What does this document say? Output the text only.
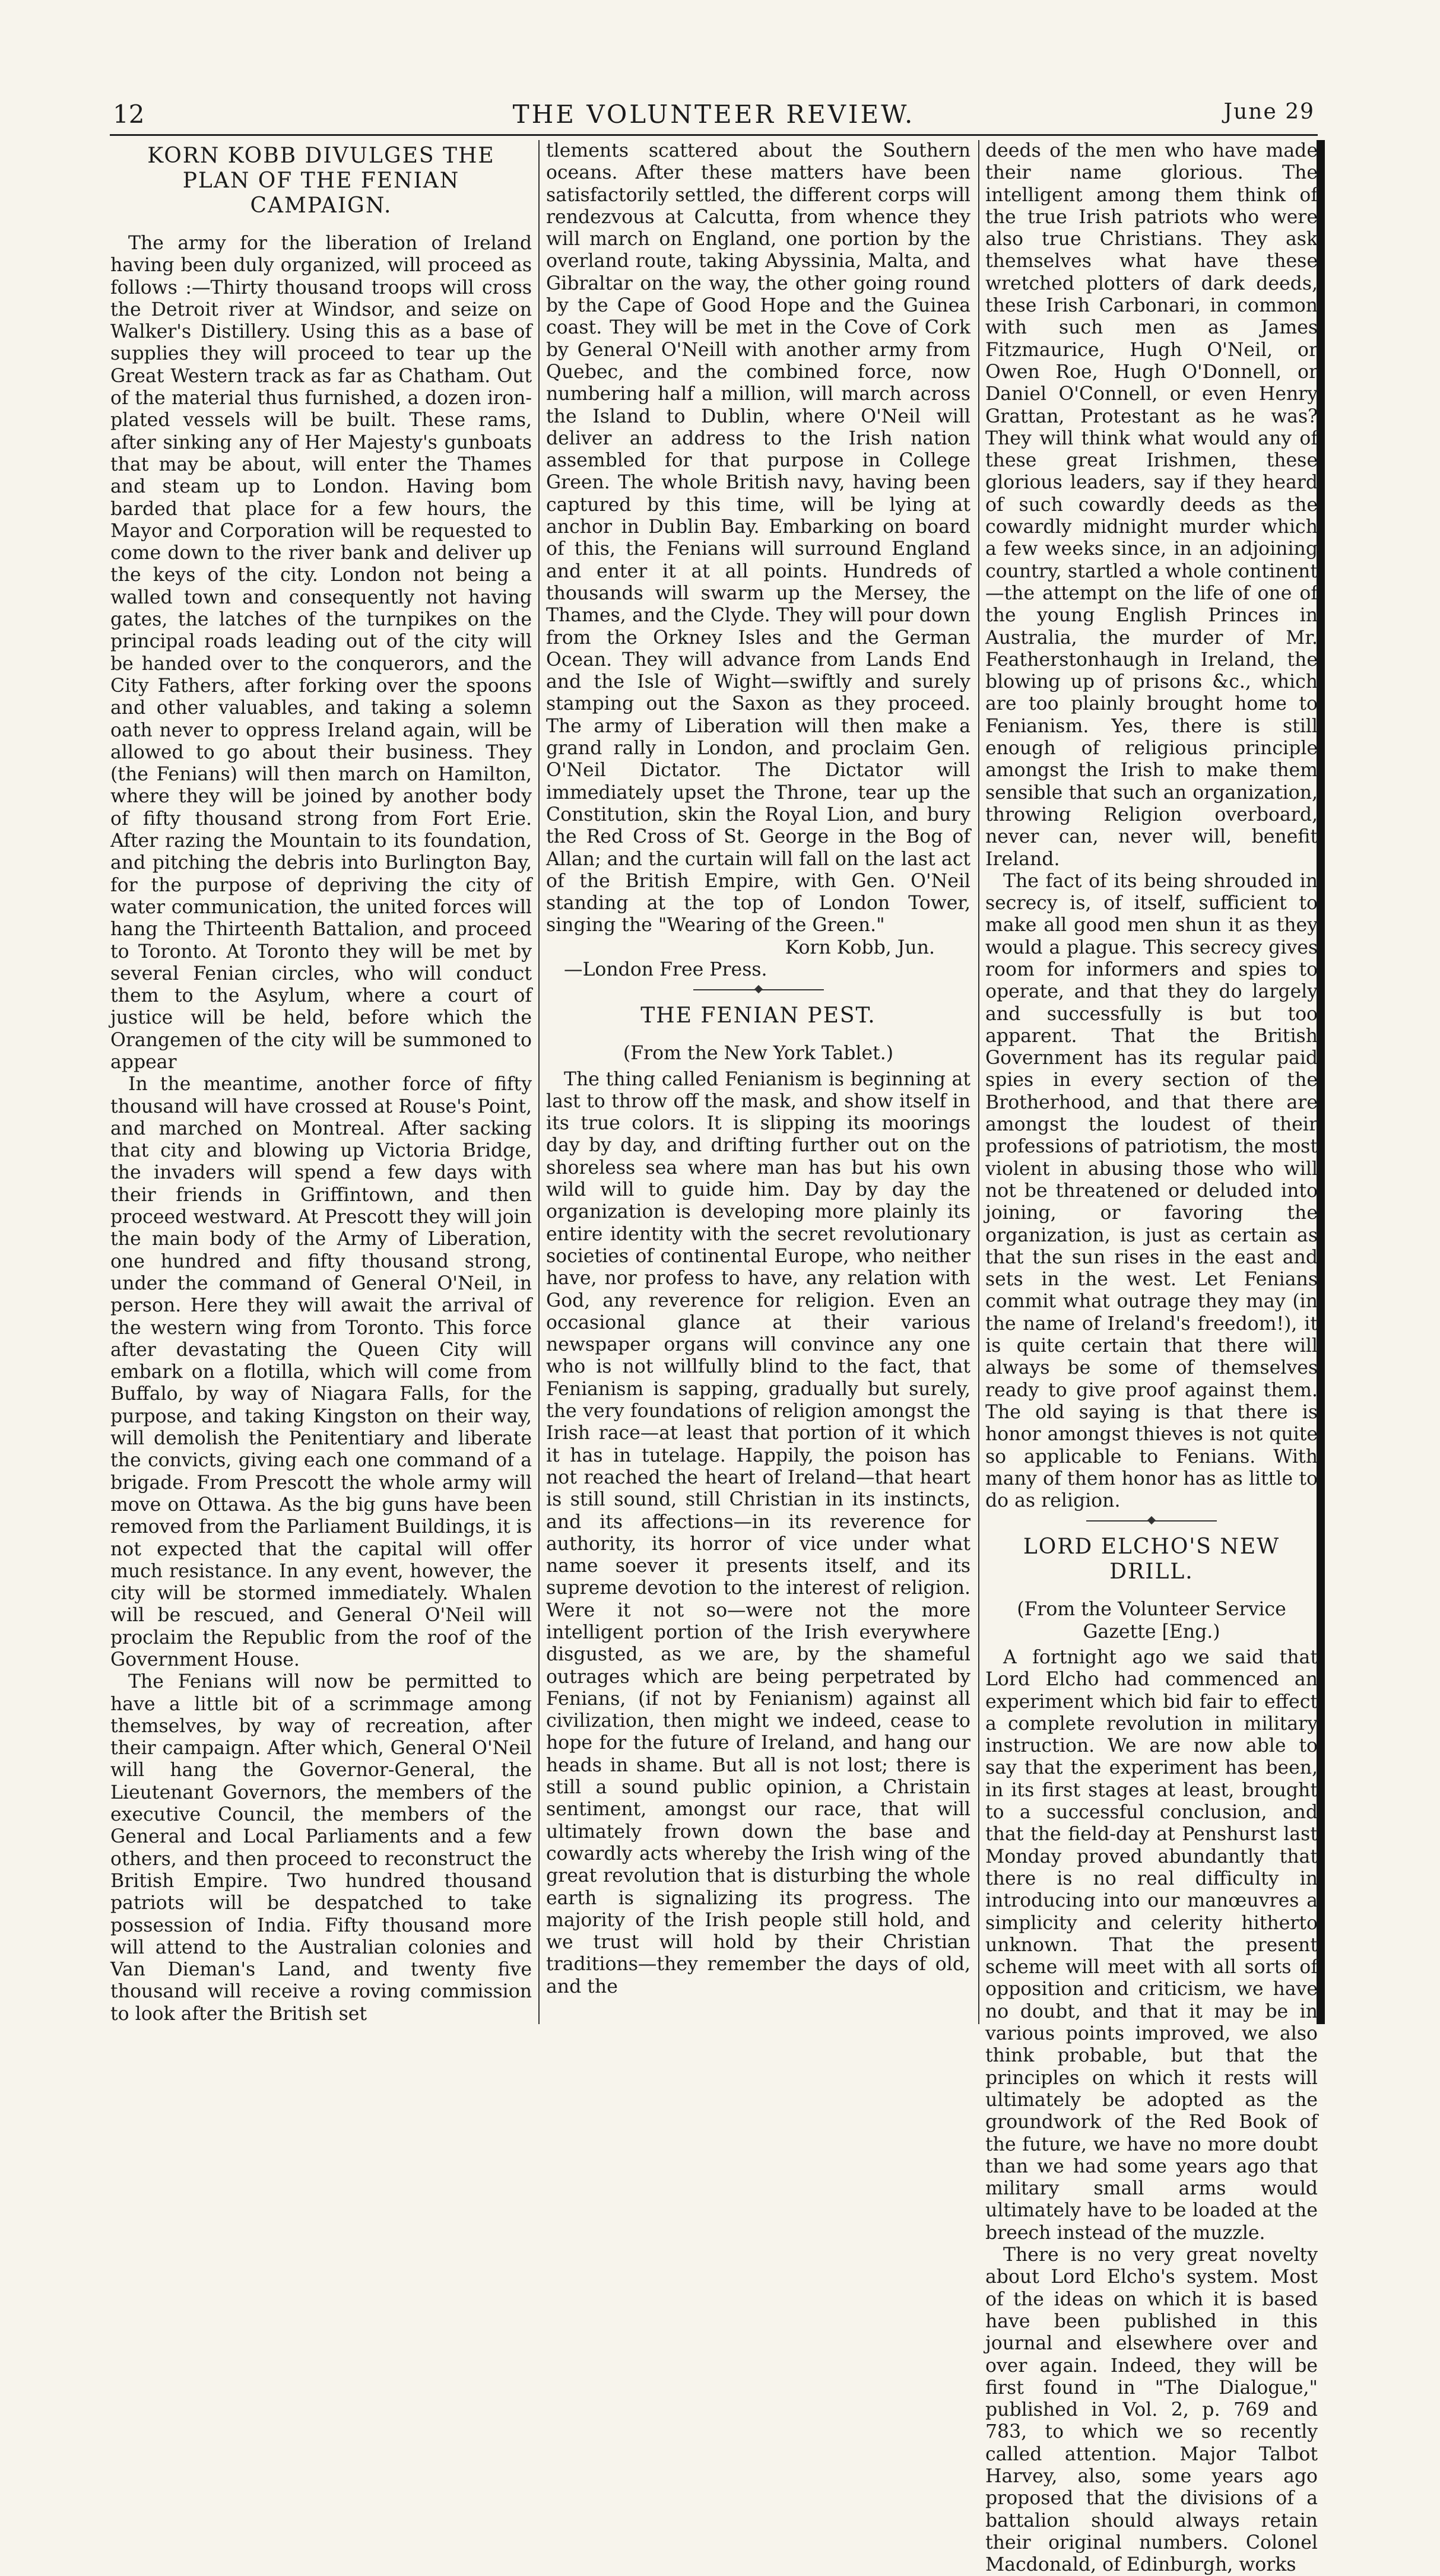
12	THE VOLUNTEER REVIEW.	June 29
KORN KOBB DIVULGES THE PLAN OF THE FENIAN CAMPAIGN.

The army for the liberation of Ireland having been duly organized, will proceed as follows :—Thirty thousand troops will cross the Detroit river at Windsor, and seize on Walker's Distillery. Using this as a base of supplies they will proceed to tear up the Great Western track as far as Chatham. Out of the material thus furnished, a dozen iron-plated vessels will be built. These rams, after sinking any of Her Majesty's gunboats that may be about, will enter the Thames and steam up to London. Having bom barded that place for a few hours, the Mayor and Corporation will be requested to come down to the river bank and deliver up the keys of the city. London not being a walled town and consequently not having gates, the latches of the turnpikes on the principal roads leading out of the city will be handed over to the conquerors, and the City Fathers, after forking over the spoons and other valuables, and taking a solemn oath never to oppress Ireland again, will be allowed to go about their business. They (the Fenians) will then march on Hamilton, where they will be joined by another body of fifty thousand strong from Fort Erie. After razing the Mountain to its foundation, and pitching the debris into Burlington Bay, for the purpose of depriving the city of water communication, the united forces will hang the Thirteenth Battalion, and proceed to Toronto. At Toronto they will be met by several Fenian circles, who will conduct them to the Asylum, where a court of justice will be held, before which the Orangemen of the city will be summoned to appear

In the meantime, another force of fifty thousand will have crossed at Rouse's Point, and marched on Montreal. After sacking that city and blowing up Victoria Bridge, the invaders will spend a few days with their friends in Griffintown, and then proceed westward. At Prescott they will join the main body of the Army of Liberation, one hundred and fifty thousand strong, under the command of General O'Neil, in person. Here they will await the arrival of the western wing from Toronto. This force after devastating the Queen City will embark on a flotilla, which will come from Buffalo, by way of Niagara Falls, for the purpose, and taking Kingston on their way, will demolish the Penitentiary and liberate the convicts, giving each one command of a brigade. From Prescott the whole army will move on Ottawa. As the big guns have been removed from the Parliament Buildings, it is not expected that the capital will offer much resistance. In any event, however, the city will be stormed immediately. Whalen will be rescued, and General O'Neil will proclaim the Republic from the roof of the Government House.

The Fenians will now be permitted to have a little bit of a scrimmage among themselves, by way of recreation, after their campaign. After which, General O'Neil will hang the Governor-General, the Lieutenant Governors, the members of the executive Council, the members of the General and Local Parliaments and a few others, and then proceed to reconstruct the British Empire. Two hundred thousand patriots will be despatched to take possession of India. Fifty thousand more will attend to the Australian colonies and Van Dieman's Land, and twenty five thousand will receive a roving commission to look after the British set

tlements scattered about the Southern oceans. After these matters have been satisfactorily settled, the different corps will rendezvous at Calcutta, from whence they will march on England, one portion by the overland route, taking Abyssinia, Malta, and Gibraltar on the way, the other going round by the Cape of Good Hope and the Guinea coast. They will be met in the Cove of Cork by General O'Neill with another army from Quebec, and the combined force, now numbering half a million, will march across the Island to Dublin, where O'Neil will deliver an address to the Irish nation assembled for that purpose in College Green. The whole British navy, having been captured by this time, will be lying at anchor in Dublin Bay. Embarking on board of this, the Fenians will surround England and enter it at all points. Hundreds of thousands will swarm up the Mersey, the Thames, and the Clyde. They will pour down from the Orkney Isles and the German Ocean. They will advance from Lands End and the Isle of Wight—swiftly and surely stamping out the Saxon as they proceed. The army of Liberation will then make a grand rally in London, and proclaim Gen. O'Neil Dictator. The Dictator will immediately upset the Throne, tear up the Constitution, skin the Royal Lion, and bury the Red Cross of St. George in the Bog of Allan; and the curtain will fall on the last act of the British Empire, with Gen. O'Neil standing at the top of London Tower, singing the "Wearing of the Green."

Korn Kobb, Jun.

—London Free Press.

THE FENIAN PEST.
(From the New York Tablet.)

The thing called Fenianism is beginning at last to throw off the mask, and show itself in its true colors. It is slipping its moorings day by day, and drifting further out on the shoreless sea where man has but his own wild will to guide him. Day by day the organization is developing more plainly its entire identity with the secret revolutionary societies of continental Europe, who neither have, nor profess to have, any relation with God, any reverence for religion. Even an occasional glance at their various newspaper organs will convince any one who is not willfully blind to the fact, that Fenianism is sapping, gradually but surely, the very foundations of religion amongst the Irish race—at least that portion of it which it has in tutelage. Happily, the poison has not reached the heart of Ireland—that heart is still sound, still Christian in its instincts, and its affections—in its reverence for authority, its horror of vice under what name soever it presents itself, and its supreme devotion to the interest of religion. Were it not so—were not the more intelligent portion of the Irish everywhere disgusted, as we are, by the shameful outrages which are being perpetrated by Fenians, (if not by Fenianism) against all civilization, then might we indeed, cease to hope for the future of Ireland, and hang our heads in shame. But all is not lost; there is still a sound public opinion, a Christain sentiment, amongst our race, that will ultimately frown down the base and cowardly acts whereby the Irish wing of the great revolution that is disturbing the whole earth is signalizing its progress. The majority of the Irish people still hold, and we trust will hold by their Christian traditions—they remember the days of old, and the

deeds of the men who have made their name glorious. The intelligent among them think of the true Irish patriots who were also true Christians. They ask themselves what have these wretched plotters of dark deeds, these Irish Carbonari, in common with such men as James Fitzmaurice, Hugh O'Neil, or Owen Roe, Hugh O'Donnell, or Daniel O'Connell, or even Henry Grattan, Protestant as he was? They will think what would any of these great Irishmen, these glorious leaders, say if they heard of such cowardly deeds as the cowardly midnight murder which a few weeks since, in an adjoining country, startled a whole continent—the attempt on the life of one of the young English Princes in Australia, the murder of Mr. Featherstonhaugh in Ireland, the blowing up of prisons &c., which are too plainly brought home to Fenianism. Yes, there is still enough of religious principle amongst the Irish to make them sensible that such an organization, throwing Religion overboard, never can, never will, benefit Ireland.

The fact of its being shrouded in secrecy is, of itself, sufficient to make all good men shun it as they would a plague. This secrecy gives room for informers and spies to operate, and that they do largely and successfully is but too apparent. That the British Government has its regular paid spies in every section of the Brotherhood, and that there are amongst the loudest of their professions of patriotism, the most violent in abusing those who will not be threatened or deluded into joining, or favoring the organization, is just as certain as that the sun rises in the east and sets in the west. Let Fenians commit what outrage they may (in the name of Ireland's freedom!), it is quite certain that there will always be some of themselves ready to give proof against them. The old saying is that there is honor amongst thieves is not quite so applicable to Fenians. With many of them honor has as little to do as religion.

LORD ELCHO'S NEW DRILL.
(From the Volunteer Service Gazette [Eng.)

A fortnight ago we said that Lord Elcho had commenced an experiment which bid fair to effect a complete revolution in military instruction. We are now able to say that the experiment has been, in its first stages at least, brought to a successful conclusion, and that the field-day at Penshurst last Monday proved abundantly that there is no real difficulty in introducing into our manœuvres a simplicity and celerity hitherto unknown. That the present scheme will meet with all sorts of opposition and criticism, we have no doubt, and that it may be in various points improved, we also think probable, but that the principles on which it rests will ultimately be adopted as the groundwork of the Red Book of the future, we have no more doubt than we had some years ago that military small arms would ultimately have to be loaded at the breech instead of the muzzle.

There is no very great novelty about Lord Elcho's system. Most of the ideas on which it is based have been published in this journal and elsewhere over and over again. Indeed, they will be first found in "The Dialogue," published in Vol. 2, p. 769 and 783, to which we so recently called attention. Major Talbot Harvey, also, some years ago proposed that the divisions of a battalion should always retain their original numbers. Colonel Macdonald, of Edinburgh, works
